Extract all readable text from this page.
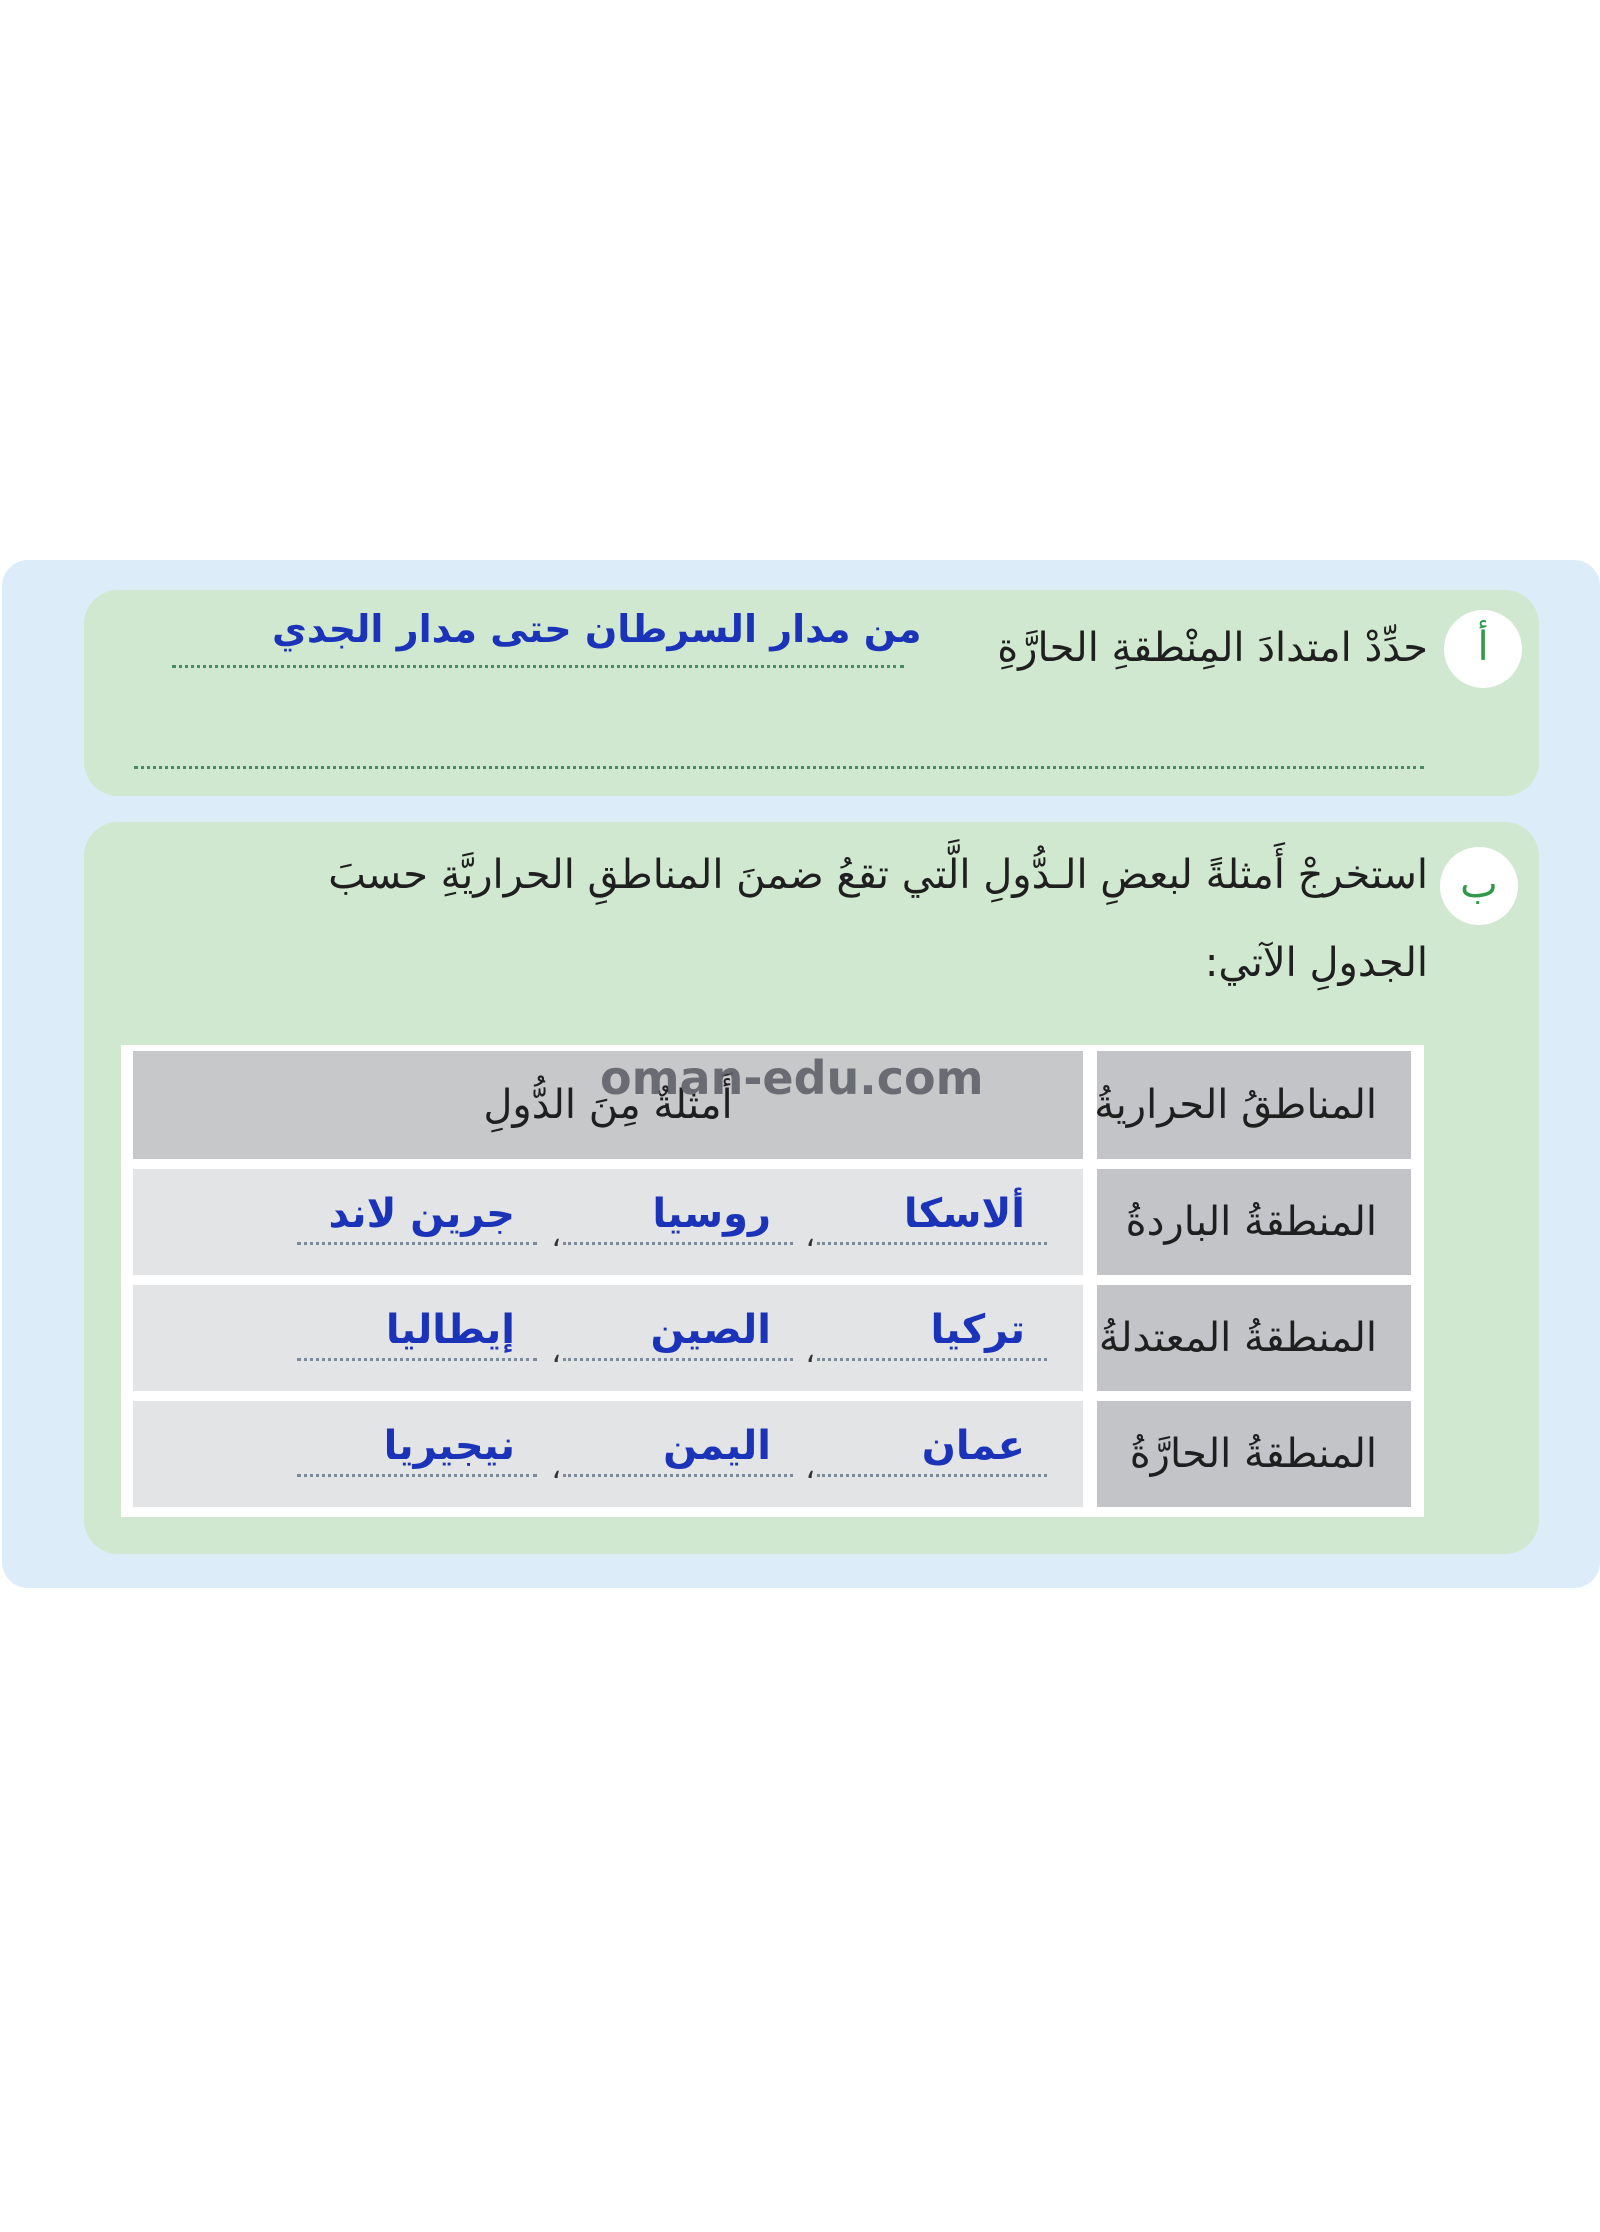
أ
حدِّدْ امتدادَ المِنْطقةِ الحارَّةِ
من مدار السرطان حتى مدار الجدي
ب
استخرجْ أَمثلةً لبعضِ الـدُّولِ الَّتي تقعُ ضمنَ المناطقِ الحراريَّةِ حسبَ
الجدولِ الآتي:
أَمثلةٌ مِنَ الدُّولِ	المناطقُ الحراريةُ
ألاسكا
،
روسيا
،
جرين لاند	المنطقةُ الباردةُ
تركيا
،
الصين
،
إيطاليا	المنطقةُ المعتدلةُ
عمان
،
اليمن
،
نيجيريا	المنطقةُ الحارَّةُ
oman-edu.com
